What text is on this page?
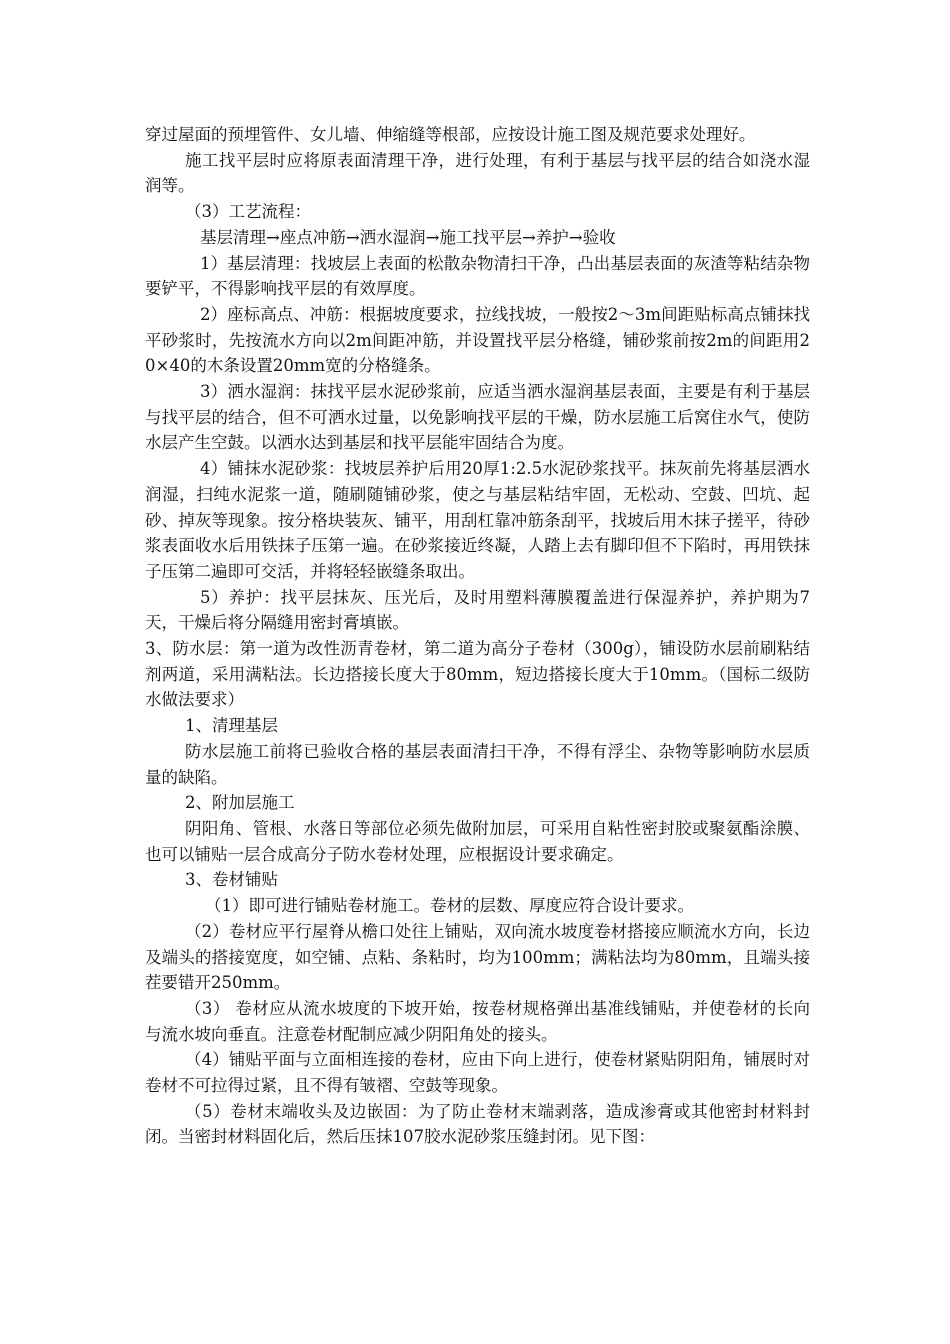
穿过屋面的预埋管件、女儿墙、伸缩缝等根部，应按设计施工图及规范要求处理好。

施工找平层时应将原表面清理干净，进行处理，有利于基层与找平层的结合如浇水湿润等。

（3）工艺流程：

基层清理→座点冲筋→洒水湿润→施工找平层→养护→验收

1）基层清理：找坡层上表面的松散杂物清扫干净，凸出基层表面的灰渣等粘结杂物要铲平，不得影响找平层的有效厚度。

2）座标高点、冲筋：根据坡度要求，拉线找坡，一般按2～3m间距贴标高点铺抹找平砂浆时，先按流水方向以2m间距冲筋，并设置找平层分格缝，铺砂浆前按2m的间距用20×40的木条设置20mm宽的分格缝条。

3）洒水湿润：抹找平层水泥砂浆前，应适当洒水湿润基层表面，主要是有利于基层与找平层的结合，但不可洒水过量，以免影响找平层的干燥，防水层施工后窝住水气，使防水层产生空鼓。以洒水达到基层和找平层能牢固结合为度。

4）铺抹水泥砂浆：找坡层养护后用20厚1:2.5水泥砂浆找平。抹灰前先将基层洒水润湿，扫纯水泥浆一道，随刷随铺砂浆，使之与基层粘结牢固，无松动、空鼓、凹坑、起砂、掉灰等现象。按分格块装灰、铺平，用刮杠靠冲筋条刮平，找坡后用木抹子搓平，待砂浆表面收水后用铁抹子压第一遍。在砂浆接近终凝，人踏上去有脚印但不下陷时，再用铁抹子压第二遍即可交活，并将轻轻嵌缝条取出。

5）养护：找平层抹灰、压光后，及时用塑料薄膜覆盖进行保湿养护，养护期为7天，干燥后将分隔缝用密封膏填嵌。

3、防水层：第一道为改性沥青卷材，第二道为高分子卷材（300g），铺设防水层前刷粘结剂两道，采用满粘法。长边搭接长度大于80mm，短边搭接长度大于10mm。（国标二级防水做法要求）

1、清理基层

防水层施工前将已验收合格的基层表面清扫干净，不得有浮尘、杂物等影响防水层质量的缺陷。

2、附加层施工

阴阳角、管根、水落日等部位必须先做附加层，可采用自粘性密封胶或聚氨酯涂膜、也可以铺贴一层合成高分子防水卷材处理，应根据设计要求确定。

3、卷材铺贴

（1）即可进行铺贴卷材施工。卷材的层数、厚度应符合设计要求。

（2）卷材应平行屋脊从檐口处往上铺贴，双向流水坡度卷材搭接应顺流水方向，长边及端头的搭接宽度，如空铺、点粘、条粘时，均为100mm；满粘法均为80mm，且端头接茬要错开250mm。

（3） 卷材应从流水坡度的下坡开始，按卷材规格弹出基准线铺贴，并使卷材的长向与流水坡向垂直。注意卷材配制应减少阴阳角处的接头。

（4）铺贴平面与立面相连接的卷材，应由下向上进行，使卷材紧贴阴阳角，铺展时对卷材不可拉得过紧，且不得有皱褶、空鼓等现象。

（5）卷材末端收头及边嵌固：为了防止卷材末端剥落，造成渗膏或其他密封材料封闭。当密封材料固化后，然后压抹107胶水泥砂浆压缝封闭。见下图：
